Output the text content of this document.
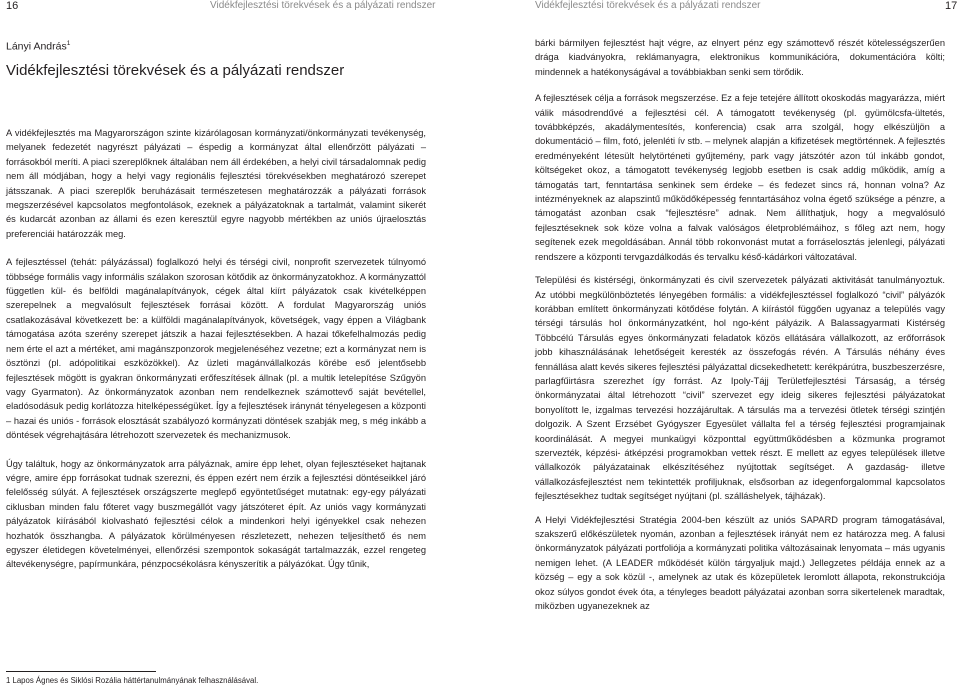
16	Vidékfejlesztési törekvések és a pályázati rendszer
Lányi András$^1$
Vidékfejlesztési törekvések és a pályázati rendszer

A vidékfejlesztés ma Magyarországon szinte kizárólagosan kormányzati/önkormányzati tevékenység, melyanek fedezetét nagyrészt pályázati – éspedig a kormányzat által ellenőrzött pályázati – forrásokból meríti. A piaci szereplőknek általában nem áll érdekében, a helyi civil társadalomnak pedig nem áll módjában, hogy a helyi vagy regionális fejlesztési törekvésekben meghatározó szerepet játsszanak. A piaci szereplők beruházásait természetesen meghatározzák a pályázati források megszerzésével kapcsolatos megfontolások, ezeknek a pályázatoknak a tartalmát, valamint sikerét és kudarcát azonban az állami és ezen keresztül egyre nagyobb mértékben az uniós újraelosztás preferenciái határozzák meg.

A fejlesztéssel (tehát: pályázással) foglalkozó helyi és térségi civil, nonprofit szervezetek túlnyomó többsége formális vagy informális szálakon szorosan kötődik az önkormányzatokhoz. A kormányzattól független kül- és belföldi magánalapítványok, cégek által kiírt pályázatok csak kivételképpen szerepelnek a megvalósult fejlesztések forrásai között. A fordulat Magyarország uniós csatlakozásával következett be: a külföldi magánalapítványok, követségek, vagy éppen a Világbank támogatása azóta szerény szerepet játszik a hazai fejlesztésekben. A hazai tőkefelhalmozás pedig nem érte el azt a mértéket, ami magánszponzorok megjelenéséhez vezetne; ezt a kormányzat nem is ösztönzi (pl. adópolitikai eszközökkel). Az üzleti magánvállalkozás körébe eső jelentősebb fejlesztések mögött is gyakran önkormányzati erőfeszítések állnak (pl. a multik letelepítése Szűgyön vagy Gyarmaton). Az önkormányzatok azonban nem rendelkeznek számottevő saját bevétellel, eladósodásuk pedig korlátozza hitelképességüket. Így a fejlesztések iránynát tényelegesen a központi – hazai és uniós - források elosztását szabályozó kormányzati döntések szabják meg, s még inkább a döntések végrehajtására létrehozott szervezetek és mechanizmusok.

Úgy találtuk, hogy az önkormányzatok arra pályáznak, amire épp lehet, olyan fejlesztéseket hajtanak végre, amire épp forrásokat tudnak szerezni, és éppen ezért nem érzik a fejlesztési döntéseikkel járó felelősség súlyát. A fejlesztések országszerte meglepő egyöntetűséget mutatnak: egy-egy pályázati ciklusban minden falu főteret vagy buszmegállót vagy játszóteret épít. Az uniós vagy kormányzati pályázatok kiírásából kiolvasható fejlesztési célok a mindenkori helyi igényekkel csak nehezen hozhatók összhangba. A pályázatok körülményesen részletezett, nehezen teljesíthető és nem egyszer életidegen követelményei, ellenőrzési szempontok sokaságát tartalmazzák, ezzel rengeteg áltevékenységre, papírmunkára, pénzpocsékolásra kényszerítik a pályázókat. Úgy tűnik,

1 Lapos Ágnes és Siklósi Rozália háttértanulmányának felhasználásával.
Vidékfejlesztési törekvések és a pályázati rendszer	17

bárki bármilyen fejlesztést hajt végre, az elnyert pénz egy számottevő részét kötelességszerűen drága kiadványokra, reklámanyagra, elektronikus kommunikációra, dokumentációra költi; mindennek a hatékonyságával a továbbiakban senki sem törődik.

A fejlesztések célja a források megszerzése. Ez a feje tetejére állított okoskodás magyarázza, miért válik másodrendűvé a fejlesztési cél. A támogatott tevékenység (pl. gyümölcsfa-ültetés, továbbképzés, akadálymentesítés, konferencia) csak arra szolgál, hogy elkészüljön a dokumentáció – film, fotó, jelenléti ív stb. – melynek alapján a kifizetések megtörténnek. A fejlesztés eredményeként létesült helytörténeti gyűjtemény, park vagy játszótér azon túl inkább gondot, költségeket okoz, a támogatott tevékenység legjobb esetben is csak addig működik, amíg a támogatás tart, fenntartása senkinek sem érdeke – és fedezet sincs rá, honnan volna? Az intézményeknek az alapszintű működőképesség fenntartásához volna égető szüksége a pénzre, a támogatást azonban csak “fejlesztésre” adnak. Nem állíthatjuk, hogy a megvalósuló fejlesztéseknek sok köze volna a falvak valóságos életproblémáihoz, s főleg azt nem, hogy segítenek ezek megoldásában. Annál több rokonvonást mutat a forráselosztás jelenlegi, pályázati rendszere a központi tervgazdálkodás és tervalku késő-kádárkori változatával.

Települési és kistérségi, önkormányzati és civil szervezetek pályázati aktivitását tanulmányoztuk. Az utóbbi megkülönböztetés lényegében formális: a vidékfejlesztéssel foglalkozó “civil” pályázók korábban említett önkormányzati kötődése folytán. A kiírástól függően ugyanaz a település vagy térségi társulás hol önkormányzatként, hol ngo-ként pályázik. A Balassagyarmati Kistérség Többcélú Társulás egyes önkormányzati feladatok közös ellátására vállalkozott, az erőforrások jobb kihasználásának lehetőségeit keresték az összefogás révén. A Társulás néhány éves fennállása alatt kevés sikeres fejlesztési pályázattal dicsekedhetett: kerékpárútra, buszbeszerzésre, parlagfűirtásra szerezhet így forrást. Az Ipoly-Tájj Területfejlesztési Társaság, a térség önkormányzatai által létrehozott “civil” szervezet egy ideig sikeres fejlesztési pályázatokat bonyolított le, izgalmas tervezési hozzájárultak. A társulás ma a tervezési ötletek térségi szintjén dolgozik. A Szent Erzsébet Gyógyszer Egyesület vállalta fel a térség fejlesztési programjainak koordinálását. A megyei munkaügyi központtal együttműködésben a közmunka programot szervezték, képzési- átképzési programokban vettek részt. E mellett az egyes települések illetve vállalkozók pályázatainak elkészítéséhez nyújtottak segítséget. A gazdaság- illetve vállalkozásfejlesztést nem tekintették profiljuknak, elsősorban az idegenforgalommal kapcsolatos fejlesztésekhez tudtak segítséget nyújtani (pl. szálláshelyek, tájházak).

A Helyi Vidékfejlesztési Stratégia 2004-ben készült az uniós SAPARD program támogatásával, szakszerű előkészületek nyomán, azonban a fejlesztések irányát nem ez határozza meg. A falusi önkormányzatok pályázati portfoliója a kormányzati politika változásainak lenyomata – más ugyanis nemigen lehet. (A LEADER működését külön tárgyaljuk majd.) Jellegzetes példája ennek az a község – egy a sok közül -, amelynek az utak és közepületek leromlott állapota, rekonstrukciója okoz súlyos gondot évek óta, a tényleges beadott pályázatai azonban sorra sikertelenek maradtak, miközben ugyanezeknek az
